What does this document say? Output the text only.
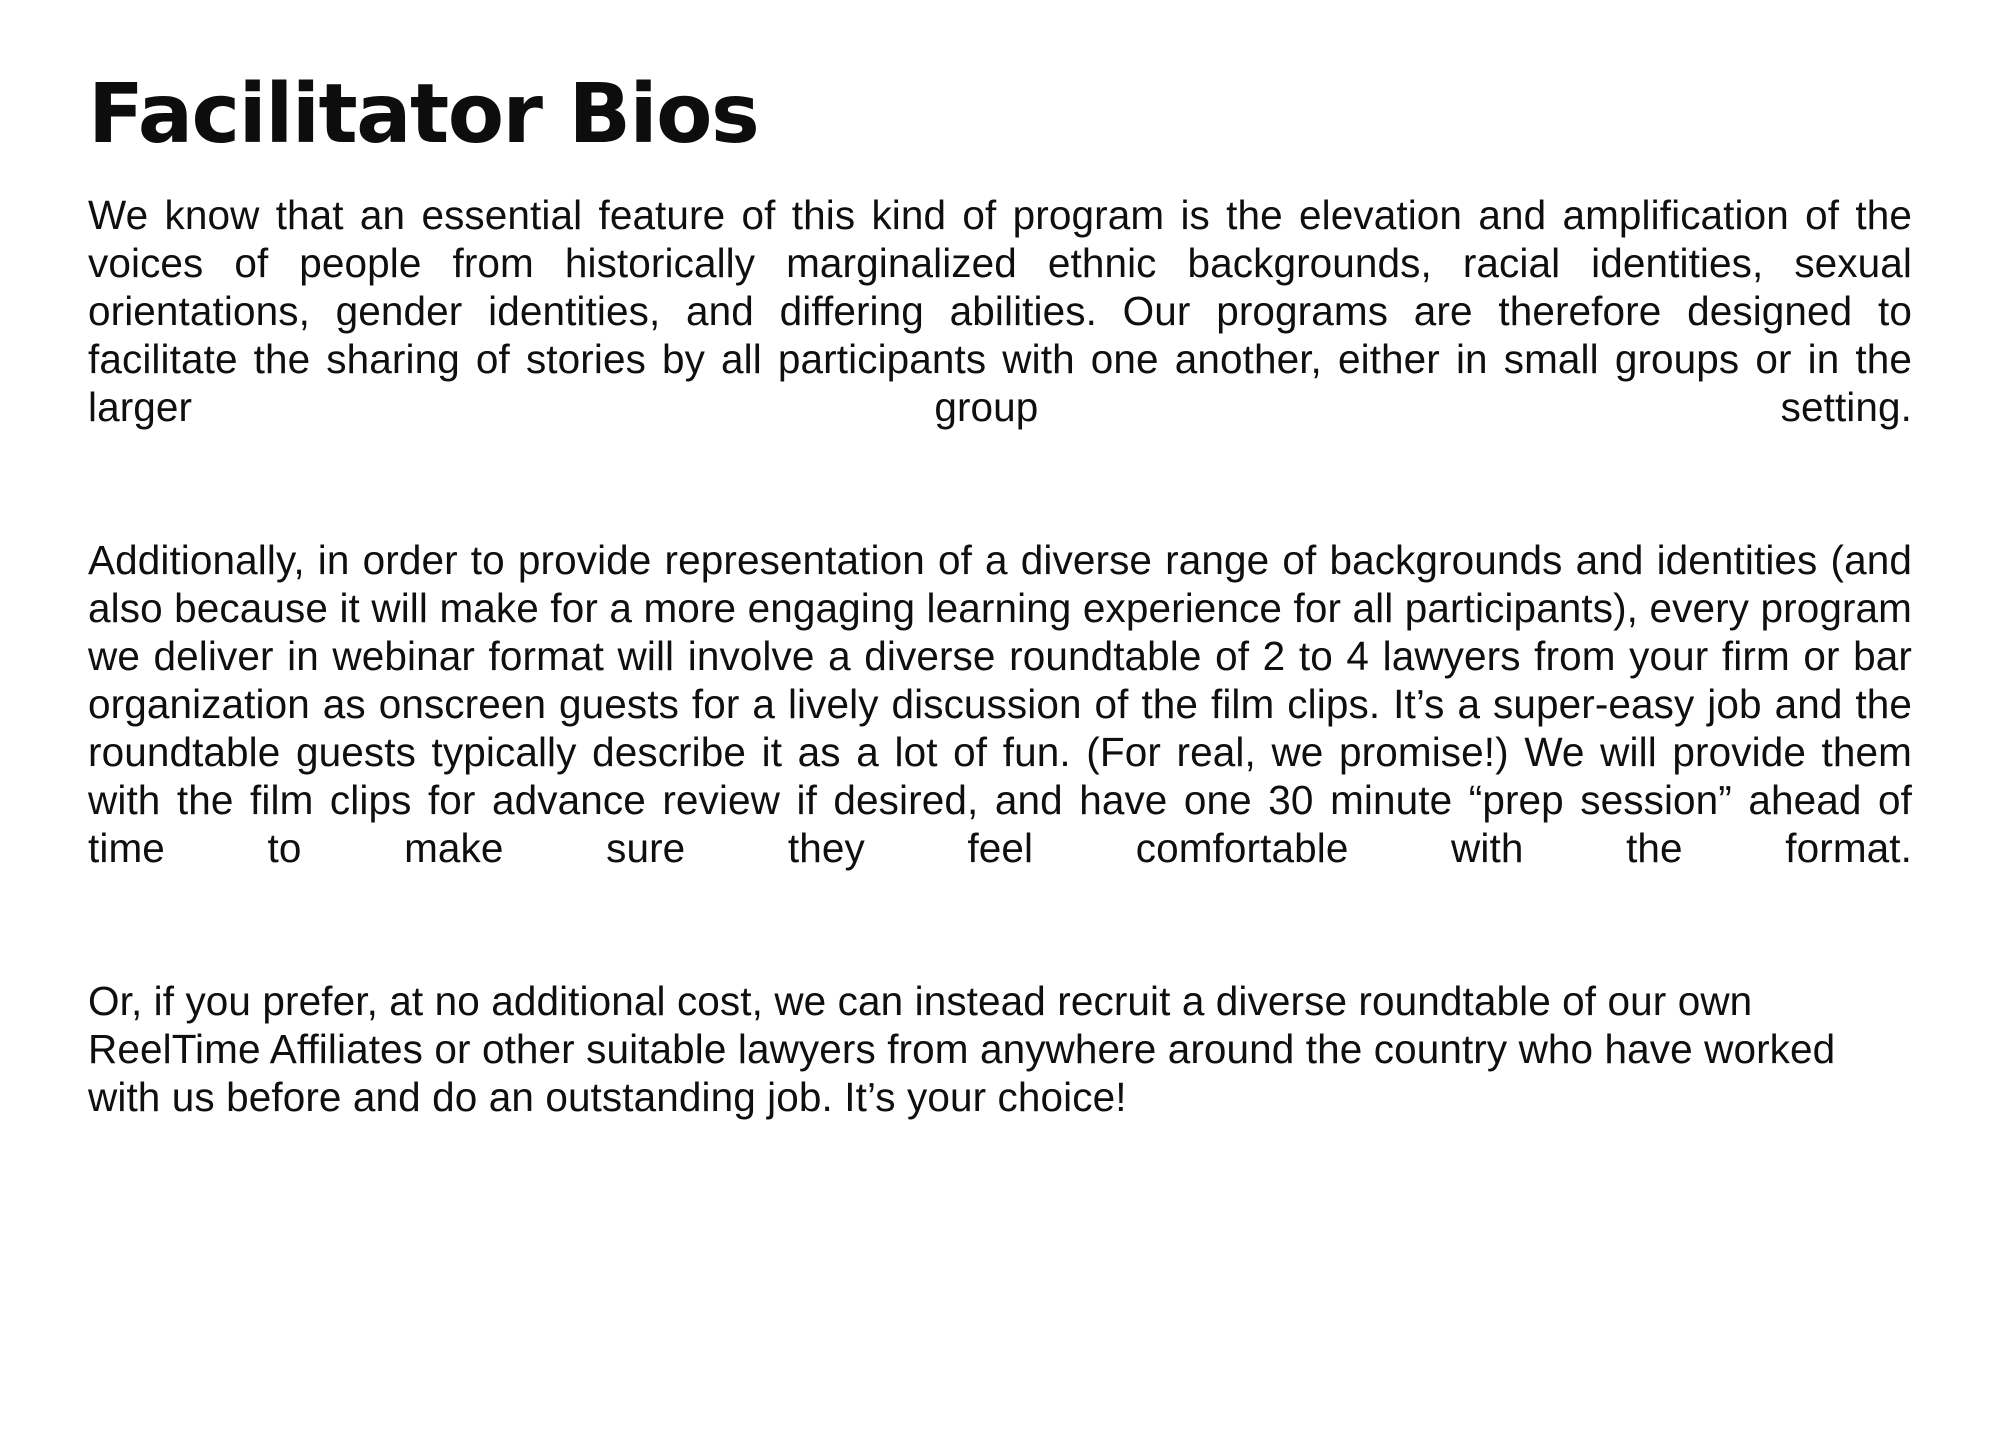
Facilitator Bios

We know that an essential feature of this kind of program is the elevation and amplification of the voices of people from historically marginalized ethnic backgrounds, racial identities, sexual orientations, gender identities, and differing abilities. Our programs are therefore designed to facilitate the sharing of stories by all participants with one another, either in small groups or in the larger group setting.

Additionally, in order to provide representation of a diverse range of backgrounds and identities (and also because it will make for a more engaging learning experience for all participants), every program we deliver in webinar format will involve a diverse roundtable of 2 to 4 lawyers from your firm or bar organization as onscreen guests for a lively discussion of the film clips. It’s a super-easy job and the roundtable guests typically describe it as a lot of fun. (For real, we promise!) We will provide them with the film clips for advance review if desired, and have one 30 minute “prep session” ahead of time to make sure they feel comfortable with the format.

Or, if you prefer, at no additional cost, we can instead recruit a diverse roundtable of our own ReelTime Affiliates or other suitable lawyers from anywhere around the country who have worked with us before and do an outstanding job. It’s your choice!
